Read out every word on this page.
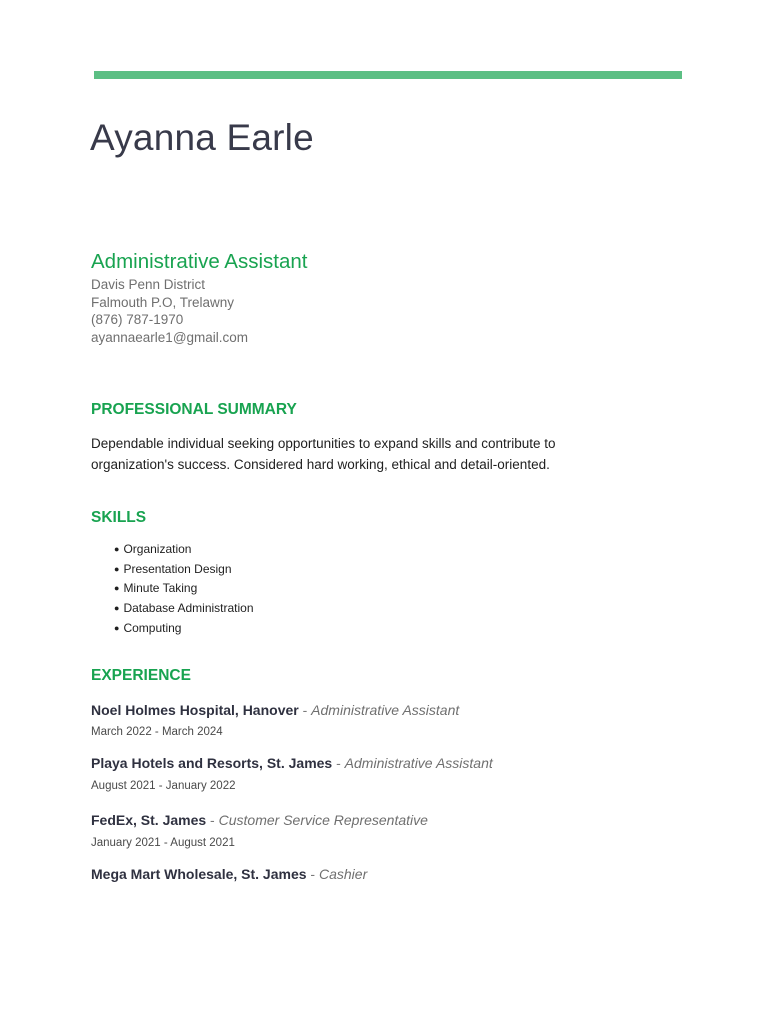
Ayanna Earle
Administrative Assistant
Davis Penn District
Falmouth P.O, Trelawny
(876) 787-1970
ayannaearle1@gmail.com
PROFESSIONAL SUMMARY

Dependable individual seeking opportunities to expand skills and contribute to organization's success. Considered hard working, ethical and detail-oriented.

SKILLS
● Organization
● Presentation Design
● Minute Taking
● Database Administration
● Computing
EXPERIENCE
Noel Holmes Hospital, Hanover - Administrative Assistant
March 2022 - March 2024
Playa Hotels and Resorts, St. James - Administrative Assistant
August 2021 - January 2022
FedEx, St. James - Customer Service Representative
January 2021 - August 2021
Mega Mart Wholesale, St. James - Cashier
